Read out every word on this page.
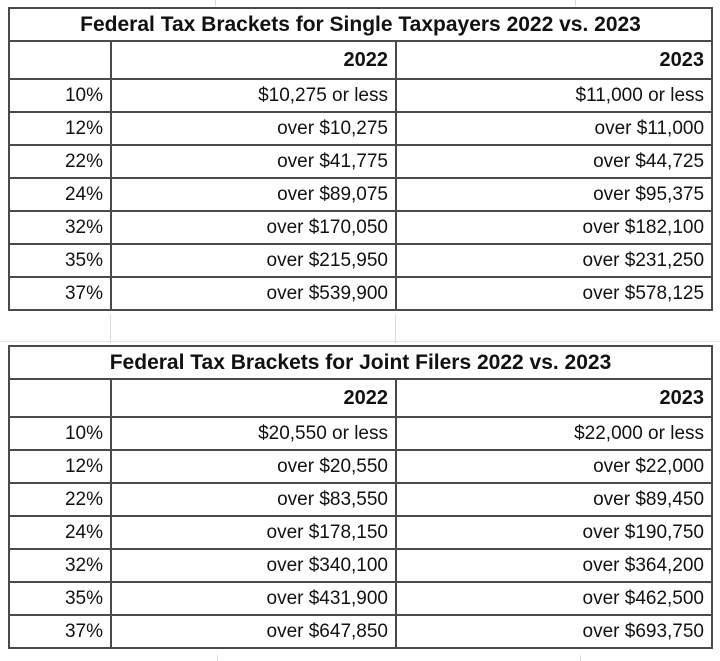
Federal Tax Brackets for Single Taxpayers 2022 vs. 2023		
	2022	2023
10%	$10,275 or less	$11,000 or less
12%	over $10,275	over $11,000
22%	over $41,775	over $44,725
24%	over $89,075	over $95,375
32%	over $170,050	over $182,100
35%	over $215,950	over $231,250
37%	over $539,900	over $578,125
Federal Tax Brackets for Joint Filers 2022 vs. 2023		
	2022	2023
10%	$20,550 or less	$22,000 or less
12%	over $20,550	over $22,000
22%	over $83,550	over $89,450
24%	over $178,150	over $190,750
32%	over $340,100	over $364,200
35%	over $431,900	over $462,500
37%	over $647,850	over $693,750
